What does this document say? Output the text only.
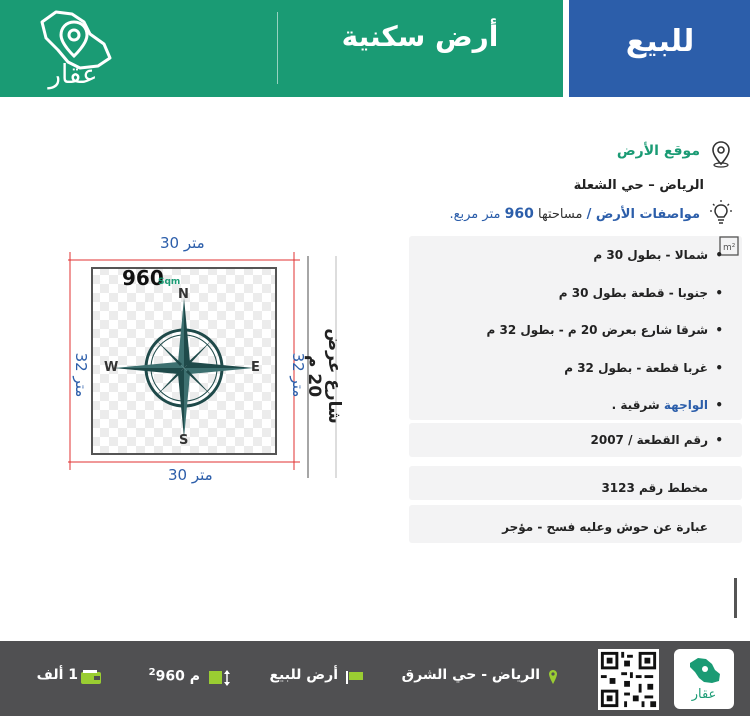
عقار
أرض سكنية	للبيع
موقع الأرض
الرياض – حي الشعلة
مواصفات الأرض / مساحتها 960 متر مربع.
m²
شمالا - بطول 30 م •
جنوبا - قطعة بطول 30 م •
شرقا شارع بعرض 20 م - بطول 32 م •
غربا قطعة - بطول 32 م •
الواجهة شرقية . •
رقم القطعة / 2007 •
مخطط رقم 3123
عبارة عن حوش وعليه فسح - مؤجر
30 متر
30 متر
32 متر
32 متر	شارع عرض 20 م
960
Sqm
N
S
E
W
عقار
الرياض - حي الشرق
أرض للبيع
$^2$960 م
1 ألف
